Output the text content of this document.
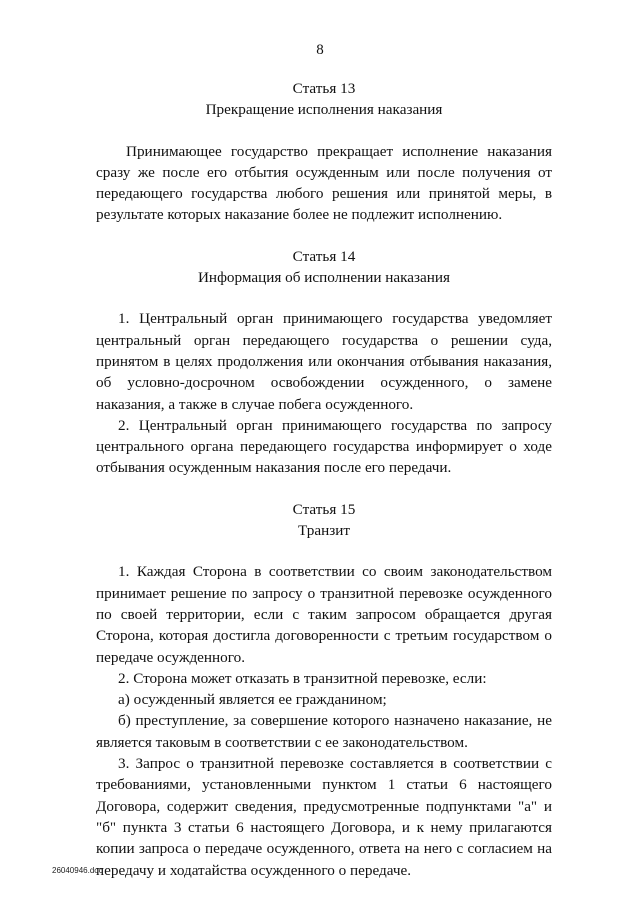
8
Статья 13
Прекращение исполнения наказания

Принимающее государство прекращает исполнение наказания сразу же после его отбытия осужденным или после получения от передающего государства любого решения или принятой меры, в результате которых наказание более не подлежит исполнению.

Статья 14
Информация об исполнении наказания

1. Центральный орган принимающего государства уведомляет центральный орган передающего государства о решении суда, принятом в целях продолжения или окончания отбывания наказания, об условно-досрочном освобождении осужденного, о замене наказания, а также в случае побега осужденного.

2. Центральный орган принимающего государства по запросу центрального органа передающего государства информирует о ходе отбывания осужденным наказания после его передачи.

Статья 15
Транзит

1. Каждая Сторона в соответствии со своим законодательством принимает решение по запросу о транзитной перевозке осужденного по своей территории, если с таким запросом обращается другая Сторона, которая достигла договоренности с третьим государством о передаче осужденного.

2. Сторона может отказать в транзитной перевозке, если:

а) осужденный является ее гражданином;

б) преступление, за совершение которого назначено наказание, не является таковым в соответствии с ее законодательством.

3. Запрос о транзитной перевозке составляется в соответствии с требованиями, установленными пунктом 1 статьи 6 настоящего Договора, содержит сведения, предусмотренные подпунктами "а" и "б" пункта 3 статьи 6 настоящего Договора, и к нему прилагаются копии запроса о передаче осужденного, ответа на него с согласием на передачу и ходатайства осужденного о передаче.

26040946.doc
